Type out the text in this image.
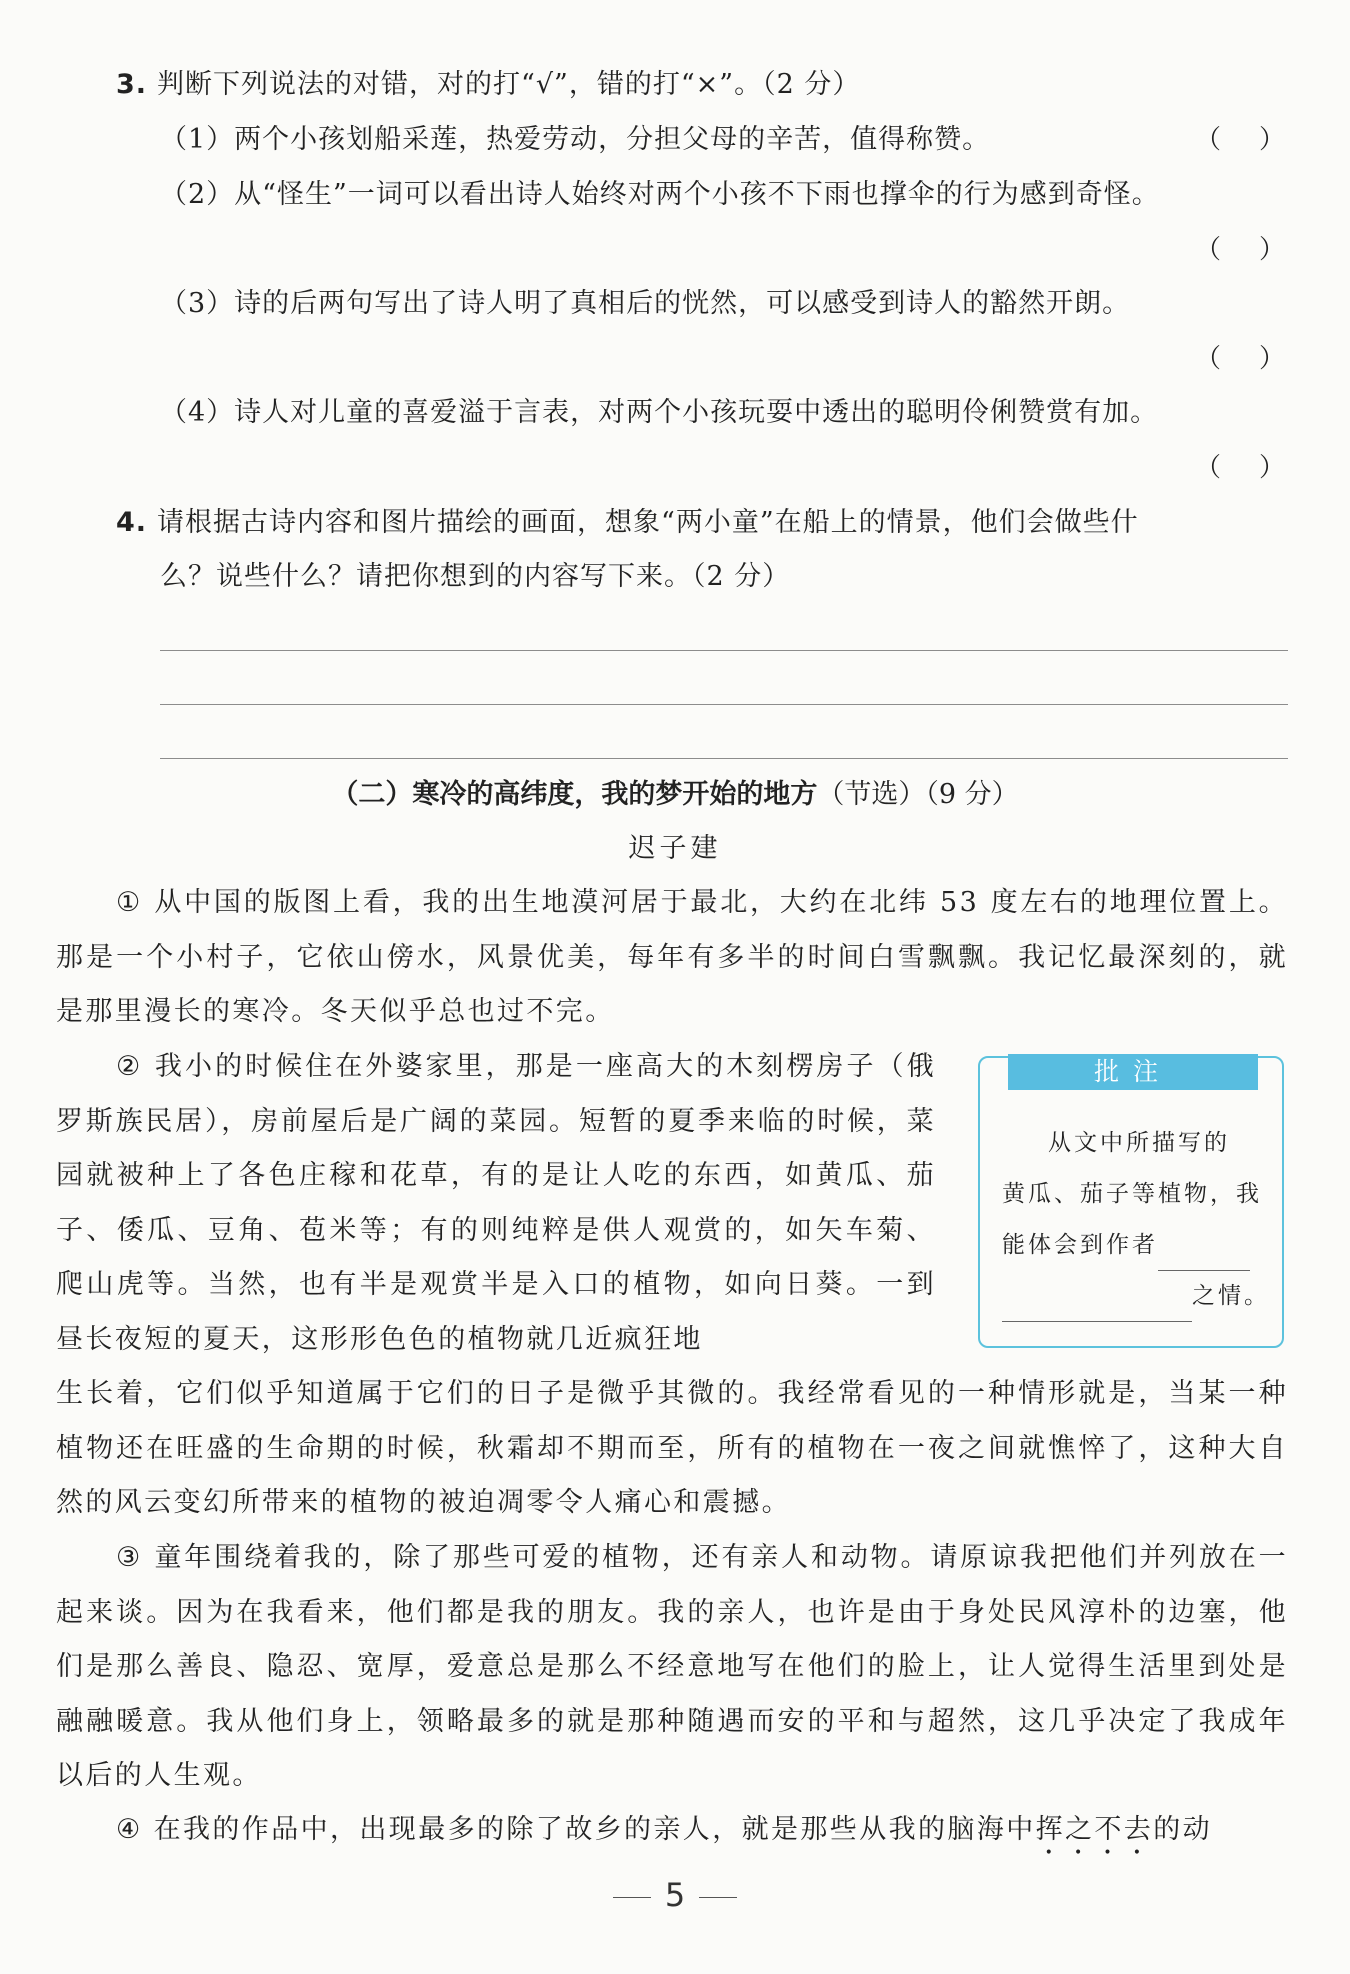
3. 判断下列说法的对错，对的打“√”，错的打“×”。（2 分）
（1）两个小孩划船采莲，热爱劳动，分担父母的辛苦，值得称赞。	（ ）
（2）从“怪生”一词可以看出诗人始终对两个小孩不下雨也撑伞的行为感到奇怪。
（ ）
（3）诗的后两句写出了诗人明了真相后的恍然，可以感受到诗人的豁然开朗。
（ ）
（4）诗人对儿童的喜爱溢于言表，对两个小孩玩耍中透出的聪明伶俐赞赏有加。
（ ）
4. 请根据古诗内容和图片描绘的画面，想象“两小童”在船上的情景，他们会做些什
么？说些什么？请把你想到的内容写下来。（2 分）
（二）寒冷的高纬度，我的梦开始的地方（节选）（9 分）
迟子建
① 从中国的版图上看，我的出生地漠河居于最北，大约在北纬 53 度左右的地理位置上。那是一个小村子，它依山傍水，风景优美，每年有多半的时间白雪飘飘。我记忆最深刻的，就是那里漫长的寒冷。冬天似乎总也过不完。
② 我小的时候住在外婆家里，那是一座高大的木刻楞房子（俄罗斯族民居），房前屋后是广阔的菜园。短暂的夏季来临的时候，菜园就被种上了各色庄稼和花草，有的是让人吃的东西，如黄瓜、茄子、倭瓜、豆角、苞米等；有的则纯粹是供人观赏的，如矢车菊、爬山虎等。当然，也有半是观赏半是入口的植物，如向日葵。一到昼长夜短的夏天，这形形色色的植物就几近疯狂地
生长着，它们似乎知道属于它们的日子是微乎其微的。我经常看见的一种情形就是，当某一种植物还在旺盛的生命期的时候，秋霜却不期而至，所有的植物在一夜之间就憔悴了，这种大自然的风云变幻所带来的植物的被迫凋零令人痛心和震撼。
批注
从文中所描写的
黄瓜、茄子等植物，我
能体会到作者
之情。
③ 童年围绕着我的，除了那些可爱的植物，还有亲人和动物。请原谅我把他们并列放在一起来谈。因为在我看来，他们都是我的朋友。我的亲人，也许是由于身处民风淳朴的边塞，他们是那么善良、隐忍、宽厚，爱意总是那么不经意地写在他们的脸上，让人觉得生活里到处是融融暖意。我从他们身上，领略最多的就是那种随遇而安的平和与超然，这几乎决定了我成年以后的人生观。
④ 在我的作品中，出现最多的除了故乡的亲人，就是那些从我的脑海中挥之不去的动
5
